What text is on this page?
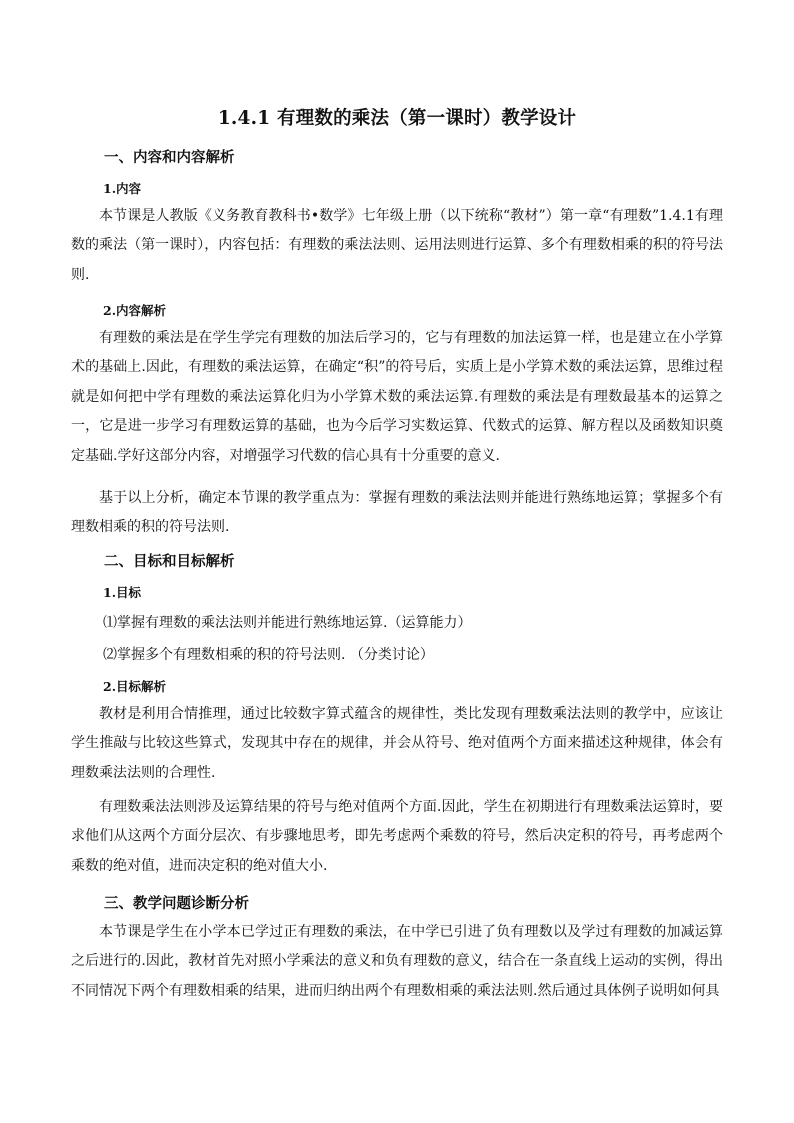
1.4.1 有理数的乘法（第一课时）教学设计
一、内容和内容解析
1.内容

本节课是人教版《义务教育教科书•数学》七年级上册（以下统称“教材”）第一章“有理数”1.4.1有理数的乘法（第一课时），内容包括：有理数的乘法法则、运用法则进行运算、多个有理数相乘的积的符号法则.

2.内容解析

有理数的乘法是在学生学完有理数的加法后学习的，它与有理数的加法运算一样，也是建立在小学算术的基础上.因此，有理数的乘法运算，在确定“积”的符号后，实质上是小学算术数的乘法运算，思维过程就是如何把中学有理数的乘法运算化归为小学算术数的乘法运算.有理数的乘法是有理数最基本的运算之一，它是进一步学习有理数运算的基础，也为今后学习实数运算、代数式的运算、解方程以及函数知识奠定基础.学好这部分内容，对增强学习代数的信心具有十分重要的意义.

基于以上分析，确定本节课的教学重点为：掌握有理数的乘法法则并能进行熟练地运算；掌握多个有理数相乘的积的符号法则.

二、目标和目标解析
1.目标
⑴掌握有理数的乘法法则并能进行熟练地运算.（运算能力）
⑵掌握多个有理数相乘的积的符号法则. （分类讨论）
2.目标解析

教材是利用合情推理，通过比较数字算式蕴含的规律性，类比发现有理数乘法法则的教学中，应该让学生推敲与比较这些算式，发现其中存在的规律，并会从符号、绝对值两个方面来描述这种规律，体会有理数乘法法则的合理性.

有理数乘法法则涉及运算结果的符号与绝对值两个方面.因此，学生在初期进行有理数乘法运算时，要求他们从这两个方面分层次、有步骤地思考，即先考虑两个乘数的符号，然后决定积的符号，再考虑两个乘数的绝对值，进而决定积的绝对值大小.

三、教学问题诊断分析

本节课是学生在小学本已学过正有理数的乘法，在中学已引进了负有理数以及学过有理数的加减运算之后进行的.因此，教材首先对照小学乘法的意义和负有理数的意义，结合在一条直线上运动的实例，得出不同情况下两个有理数相乘的结果，进而归纳出两个有理数相乘的乘法法则.然后通过具体例子说明如何具
